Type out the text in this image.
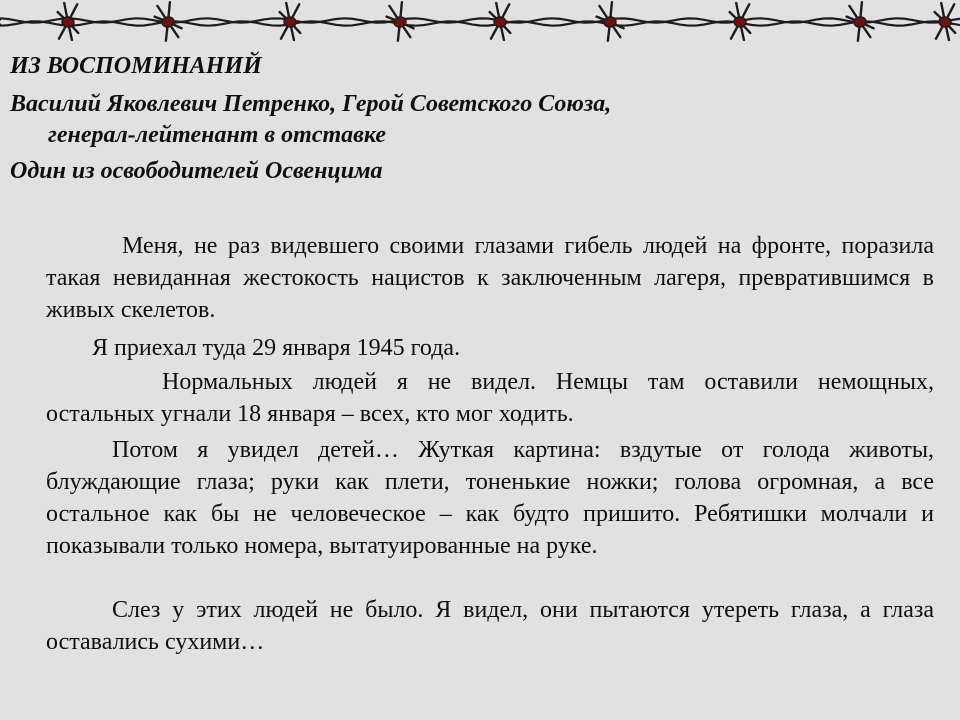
ИЗ ВОСПОМИНАНИЙ

Василий Яковлевич Петренко, Герой Советского Союза,

генерал-лейтенант в отставке

Один из освободителей Освенцима

Меня, не раз видевшего своими глазами гибель людей на фронте, поразила такая невиданная жестокость нацистов к заключенным лагеря, превратившимся в живых скелетов.

Я приехал туда 29 января 1945 года.

Нормальных людей я не видел. Немцы там оставили немощных, остальных угнали 18 января – всех, кто мог ходить.

Потом я увидел детей… Жуткая картина: вздутые от голода животы, блуждающие глаза; руки как плети, тоненькие ножки; голова огромная, а все остальное как бы не человеческое – как будто пришито. Ребятишки молчали и показывали только номера, вытатуированные на руке.

Слез у этих людей не было. Я видел, они пытаются утереть глаза, а глаза оставались сухими…
